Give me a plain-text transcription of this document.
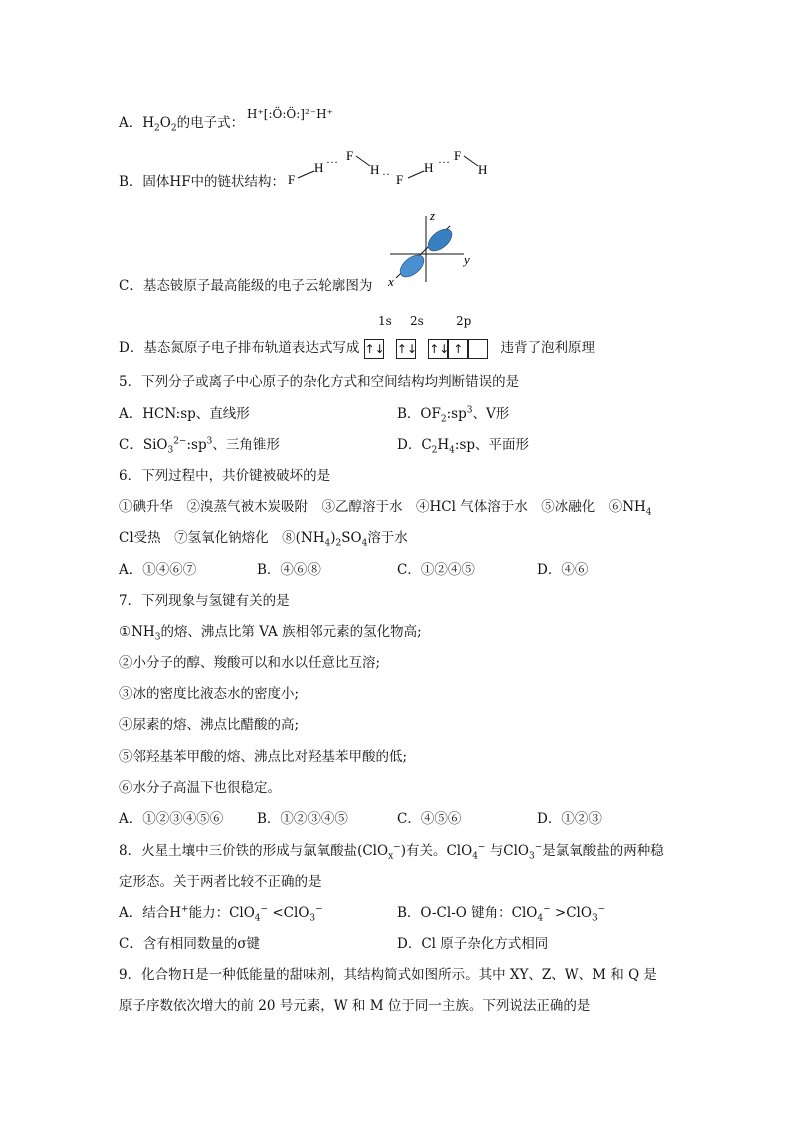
A．$H_2O_2$的电子式：
H⁺[:Ö:Ö:]²⁻H⁺
B．固体HF中的链状结构： F
H ··· F
H ·· F
H ··· F
H
C．基态铍原子最高能级的电子云轮廓图为
z
y
x
1s 2s	2p
D．基态氮原子电子排布轨道表达式写成 ↑↓ ↑↓ ↑↓ ↑	违背了泡利原理
5．下列分子或离子中心原子的杂化方式和空间结构均判断错误的是
A．HCN:sp、直线形	B．$OF_2:sp^3$、V形
C．$SiO_3^{2-}:sp^3$、三角锥形	D．$C_2H_4:sp$、平面形
6．下列过程中，共价键被破坏的是
①碘升华　②溴蒸气被木炭吸附　③乙醇溶于水　④HCl 气体溶于水　⑤冰融化　$⑥NH_4$
Cl受热　⑦氢氧化钠熔化　$⑧(NH_4)_2SO_4$溶于水
A．①④⑥⑦	B．④⑥⑧	C．①②④⑤	D．④⑥
7．下列现象与氢键有关的是
$①NH_3$的熔、沸点比第 VA 族相邻元素的氢化物高;
②小分子的醇、羧酸可以和水以任意比互溶;
③冰的密度比液态水的密度小;
④尿素的熔、沸点比醋酸的高;
⑤邻羟基苯甲酸的熔、沸点比对羟基苯甲酸的低;
⑥水分子高温下也很稳定。
A．①②③④⑤⑥	B．①②③④⑤	C．④⑤⑥	D．①②③
8．火星土壤中三价铁的形成与氯氧酸盐(ClO$_x$−)有关。ClO$_4$− 与ClO$_3$−是氯氧酸盐的两种稳
定形态。关于两者比较不正确的是
A．结合H+能力：ClO$_4$− <ClO$_3$−	B．O-Cl-O 键角：ClO$_4$− >ClO$_3$−
C．含有相同数量的σ键	D．Cl 原子杂化方式相同
9．化合物Ｈ是一种低能量的甜味剂，其结构简式如图所示。其中 XY、Z、W、M 和 Q 是
原子序数依次增大的前 20 号元素，W 和 M 位于同一主族。下列说法正确的是
